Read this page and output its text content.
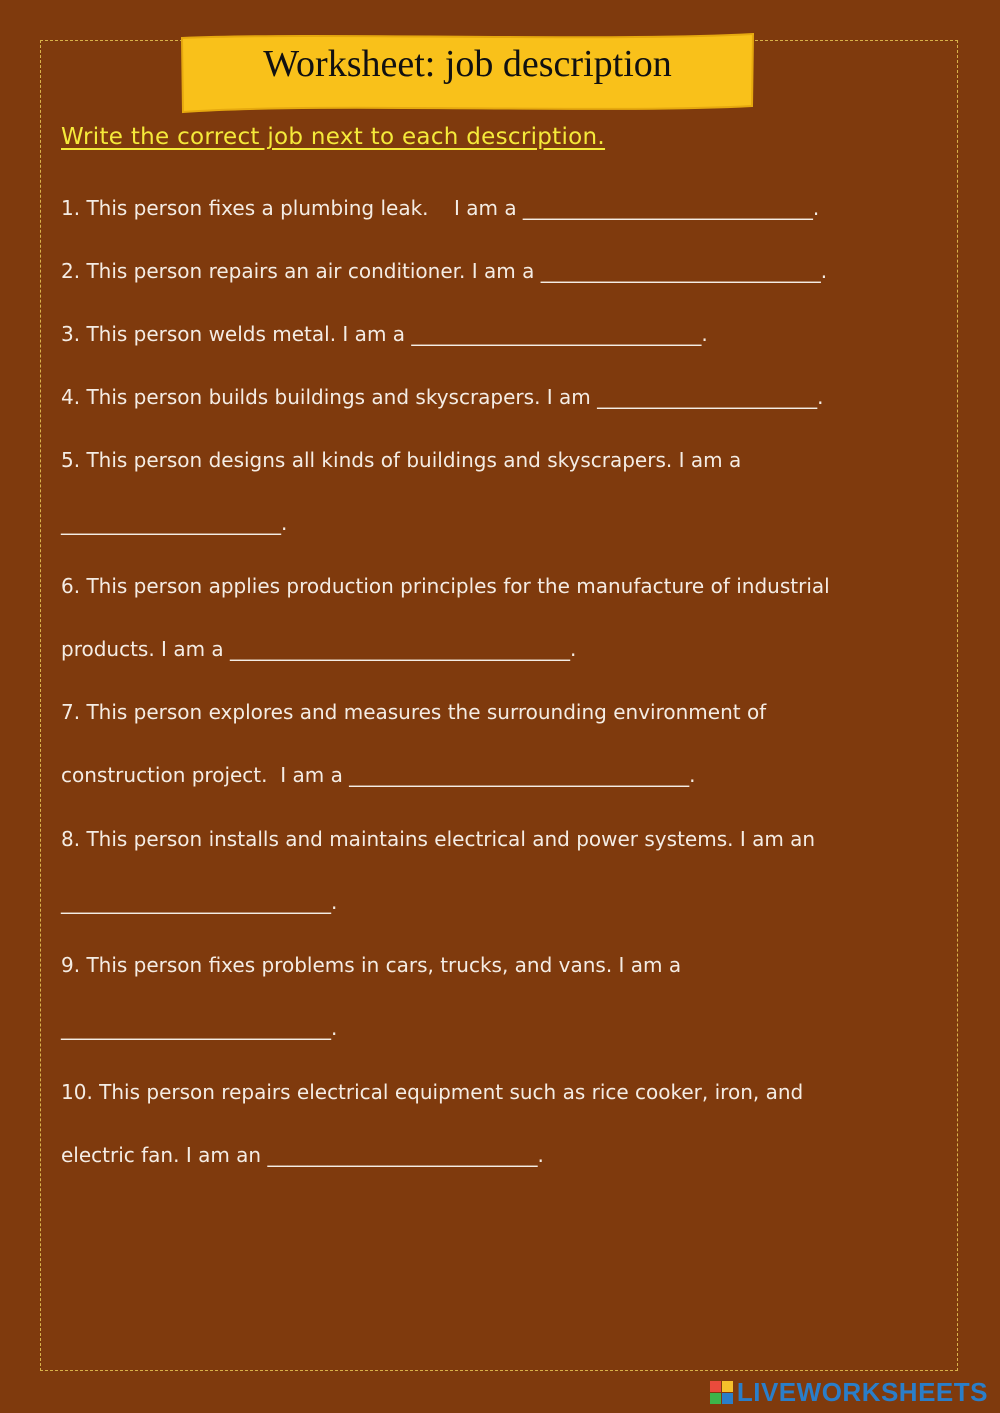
Worksheet: job description
Write the correct job next to each description.
1. This person fixes a plumbing leak.    I am a _____________________________.
2. This person repairs an air conditioner. I am a ____________________________.
3. This person welds metal. I am a _____________________________.
4. This person builds buildings and skyscrapers. I am ______________________.
5. This person designs all kinds of buildings and skyscrapers. I am a
______________________.
6. This person applies production principles for the manufacture of industrial
products. I am a __________________________________.
7. This person explores and measures the surrounding environment of
construction project.  I am a __________________________________.
8. This person installs and maintains electrical and power systems. I am an
___________________________.
9. This person fixes problems in cars, trucks, and vans. I am a
___________________________.
10. This person repairs electrical equipment such as rice cooker, iron, and
electric fan. I am an ___________________________.
LIVEWORKSHEETS
